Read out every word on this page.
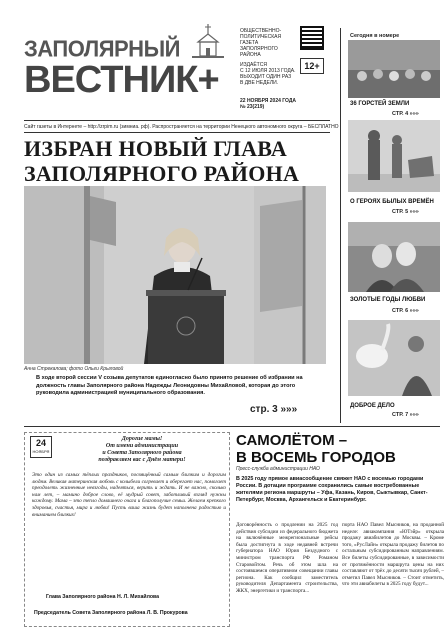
ЗАПОЛЯРНЫЙ
ВЕСТНИК+
ОБЩЕСТВЕННО-
ПОЛИТИЧЕСКАЯ
ГАЗЕТА
ЗАПОЛЯРНОГО
РАЙОНА
ИЗДАЁТСЯ
С 12 ИЮЛЯ 2013 ГОДА.
ВЫХОДИТ ОДИН РАЗ
В ДВЕ НЕДЕЛИ.
12+
22 НОЯБРЯ 2024 ГОДА
№ 23(219)
Сайт газеты в Интернете – http://zrpim.ru (зимниа. рф). Распространяется на территории Ненецкого автономного округа – БЕСПЛАТНО
ИЗБРАН НОВЫЙ ГЛАВА
ЗАПОЛЯРНОГО РАЙОНА
Анна Стрекалова; фото Ольги Крыловой
В ходе второй сессии V созыва депутатов единогласно было принято решение об избрании на должность главы Заполярного района Надежды Леонидовны Михайловой, которая до этого руководила администрацией муниципального образования.
стр. 3 »»»
Сегодня в номере
36 ГОРСТЕЙ ЗЕМЛИ
СТР. 4 »»»
О ГЕРОЯХ БЫЛЫХ ВРЕМЁН
СТР. 5 »»»
ЗОЛОТЫЕ ГОДЫ ЛЮБВИ
СТР. 6 »»»
ДОБРОЕ ДЕЛО
СТР. 7 »»»
24
НОЯБРЯ
Дорогие мамы!
От имени администрации
и Совета Заполярного района
поздравляем вас с Днём матери!
Это один из самых тёплых праздников, посвящённый самым близким и дорогим людям. Великая материнская любовь с колыбели согревает и оберегает нас, помогает преодолеть жизненные невзгоды, надеяться, верить и ждать. И не важно, сколько нам лет, – мамино доброе слово, её мудрый совет, заботливый взгляд нужны каждому. Мама – это тепло домашнего очага и благополучие семьи. Желаем крепкого здоровья, счастья, мира и любви! Пусть ваша жизнь будет наполнена радостью и вниманием близких!
Глава Заполярного района Н. Л. Михайлова
Председатель Совета Заполярного района Л. В. Прокурова
САМОЛЁТОМ –
В ВОСЕМЬ ГОРОДОВ
Пресс-служба администрации НАО
В 2025 году прямое авиасообщение свяжет НАО с восемью городами России. В дотации программе сохранились самые востребованные жителями региона маршруты – Уфа, Казань, Киров, Сыктывкар, Санкт-Петербург, Москва, Архангельск и Екатеринбург.
Договорённость о продлении на 2025 год действия субсидии из федерального бюджета на включённые межрегиональные рейсы была достигнута в ходе недавней встречи губернатора НАО Юрия Бездудного с министром транспорта РФ Романом Старовойтом. Речь об этом шла на состоявшемся оперативном совещании главы региона. Как сообщил заместитель руководителя Департамента строительства, ЖКХ, энергетики и транспорта...
порта НАО Павел Мысников, на проданной неделе: авиакомпания «ЮТэйр» открыла продажу авиабилетов до Москвы. – Кроме того, «РусЛайн» открыла продажу билетов по остальным субсидированным направлениям. Все билеты субсидированные, в зависимости от протяжённости маршрута цены на них составляют от трёх до десяти тысяч рублей, – отметил Павел Мысников. – Стоит отметить, что эти авиабилеты в 2025 году будут...
